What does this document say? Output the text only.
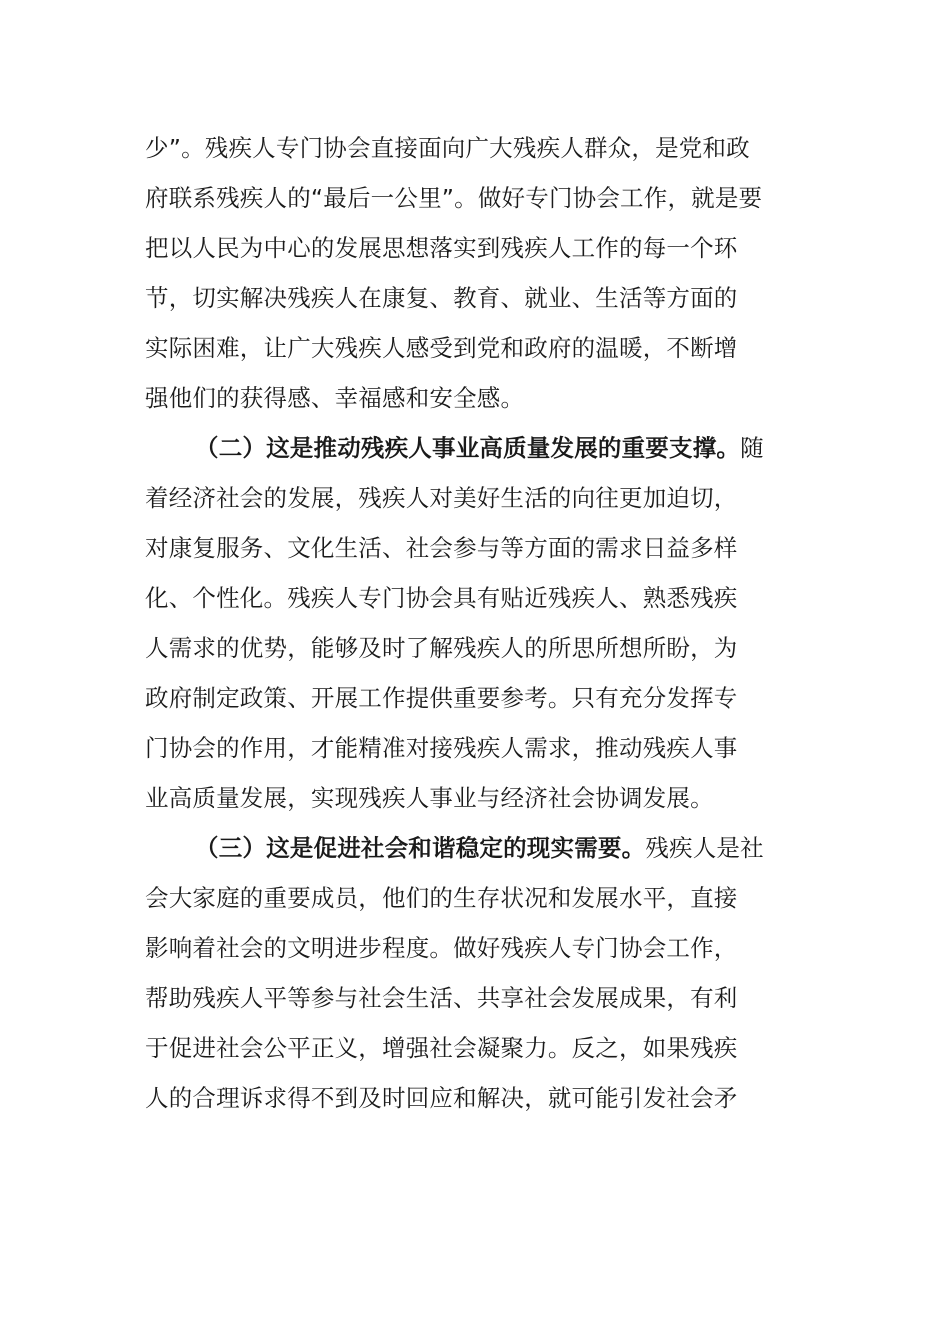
少”。残疾人专门协会直接面向广大残疾人群众，是党和政
府联系残疾人的“最后一公里”。做好专门协会工作，就是要
把以人民为中心的发展思想落实到残疾人工作的每一个环
节，切实解决残疾人在康复、教育、就业、生活等方面的
实际困难，让广大残疾人感受到党和政府的温暖，不断增
强他们的获得感、幸福感和安全感。
（二）这是推动残疾人事业高质量发展的重要支撑。随
着经济社会的发展，残疾人对美好生活的向往更加迫切，
对康复服务、文化生活、社会参与等方面的需求日益多样
化、个性化。残疾人专门协会具有贴近残疾人、熟悉残疾
人需求的优势，能够及时了解残疾人的所思所想所盼，为
政府制定政策、开展工作提供重要参考。只有充分发挥专
门协会的作用，才能精准对接残疾人需求，推动残疾人事
业高质量发展，实现残疾人事业与经济社会协调发展。
（三）这是促进社会和谐稳定的现实需要。残疾人是社
会大家庭的重要成员，他们的生存状况和发展水平，直接
影响着社会的文明进步程度。做好残疾人专门协会工作，
帮助残疾人平等参与社会生活、共享社会发展成果，有利
于促进社会公平正义，增强社会凝聚力。反之，如果残疾
人的合理诉求得不到及时回应和解决，就可能引发社会矛
